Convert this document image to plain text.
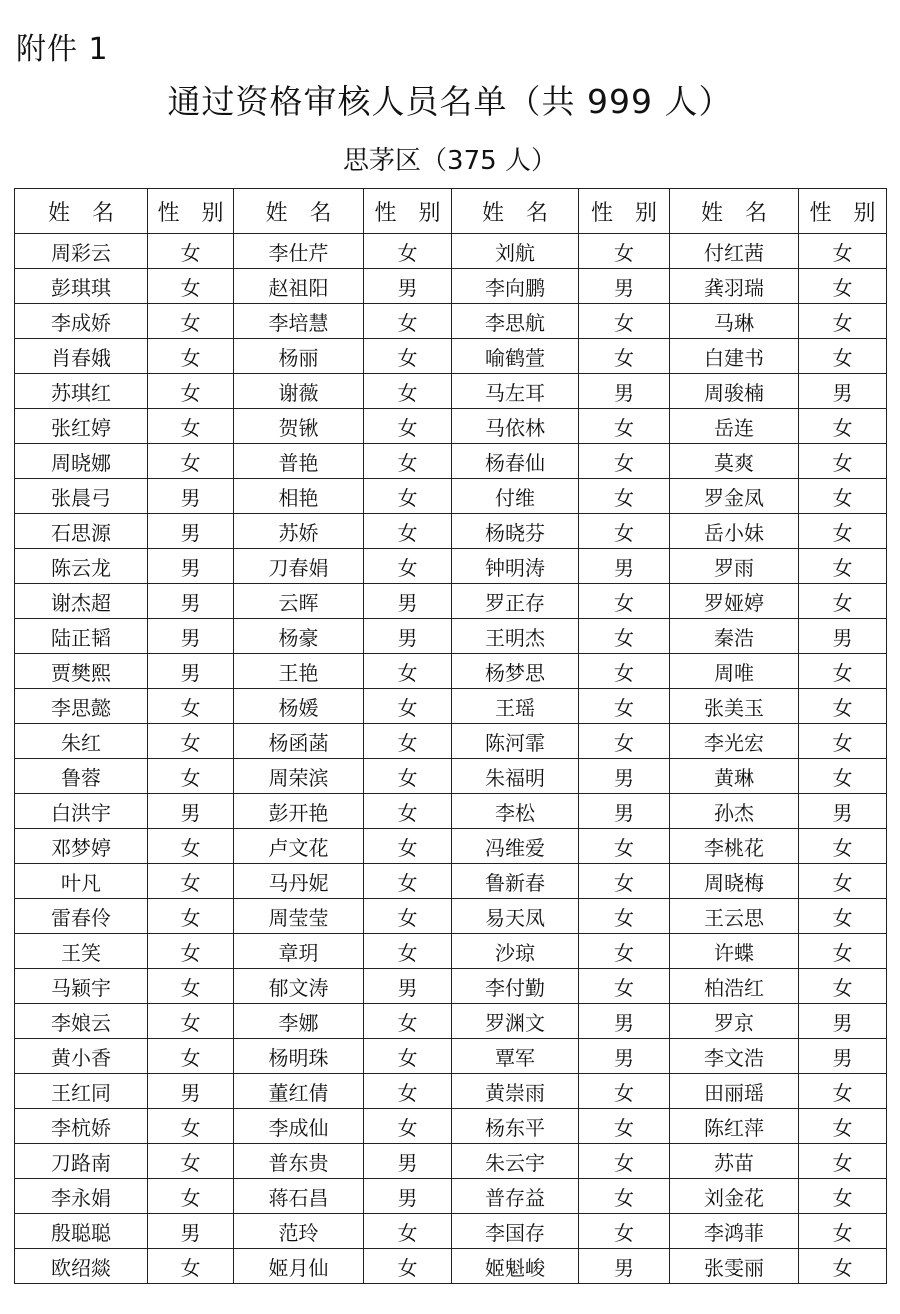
附件 1
通过资格审核人员名单（共 999 人）
思茅区（375 人）
姓　名	性　别	姓　名	性　别	姓　名	性　别	姓　名	性　别
周彩云	女	李仕芹	女	刘航	女	付红茜	女
彭琪琪	女	赵祖阳	男	李向鹏	男	龚羽瑞	女
李成娇	女	李培慧	女	李思航	女	马琳	女
肖春娥	女	杨丽	女	喻鹤萱	女	白建书	女
苏琪红	女	谢薇	女	马左耳	男	周骏楠	男
张红婷	女	贺锹	女	马依林	女	岳连	女
周晓娜	女	普艳	女	杨春仙	女	莫爽	女
张晨弓	男	相艳	女	付维	女	罗金凤	女
石思源	男	苏娇	女	杨晓芬	女	岳小妹	女
陈云龙	男	刀春娟	女	钟明涛	男	罗雨	女
谢杰超	男	云晖	男	罗正存	女	罗娅婷	女
陆正韬	男	杨豪	男	王明杰	女	秦浩	男
贾樊熙	男	王艳	女	杨梦思	女	周唯	女
李思懿	女	杨媛	女	王瑶	女	张美玉	女
朱红	女	杨函菡	女	陈河霏	女	李光宏	女
鲁蓉	女	周荣滨	女	朱福明	男	黄琳	女
白洪宇	男	彭开艳	女	李松	男	孙杰	男
邓梦婷	女	卢文花	女	冯维爱	女	李桃花	女
叶凡	女	马丹妮	女	鲁新春	女	周晓梅	女
雷春伶	女	周莹莹	女	易天凤	女	王云思	女
王笑	女	章玥	女	沙琼	女	许蝶	女
马颖宇	女	郁文涛	男	李付勤	女	柏浩红	女
李娘云	女	李娜	女	罗渊文	男	罗京	男
黄小香	女	杨明珠	女	覃军	男	李文浩	男
王红同	男	董红倩	女	黄崇雨	女	田丽瑶	女
李杭娇	女	李成仙	女	杨东平	女	陈红萍	女
刀路南	女	普东贵	男	朱云宇	女	苏苗	女
李永娟	女	蒋石昌	男	普存益	女	刘金花	女
殷聪聪	男	范玲	女	李国存	女	李鸿菲	女
欧绍燚	女	姬月仙	女	姬魁峻	男	张雯丽	女
